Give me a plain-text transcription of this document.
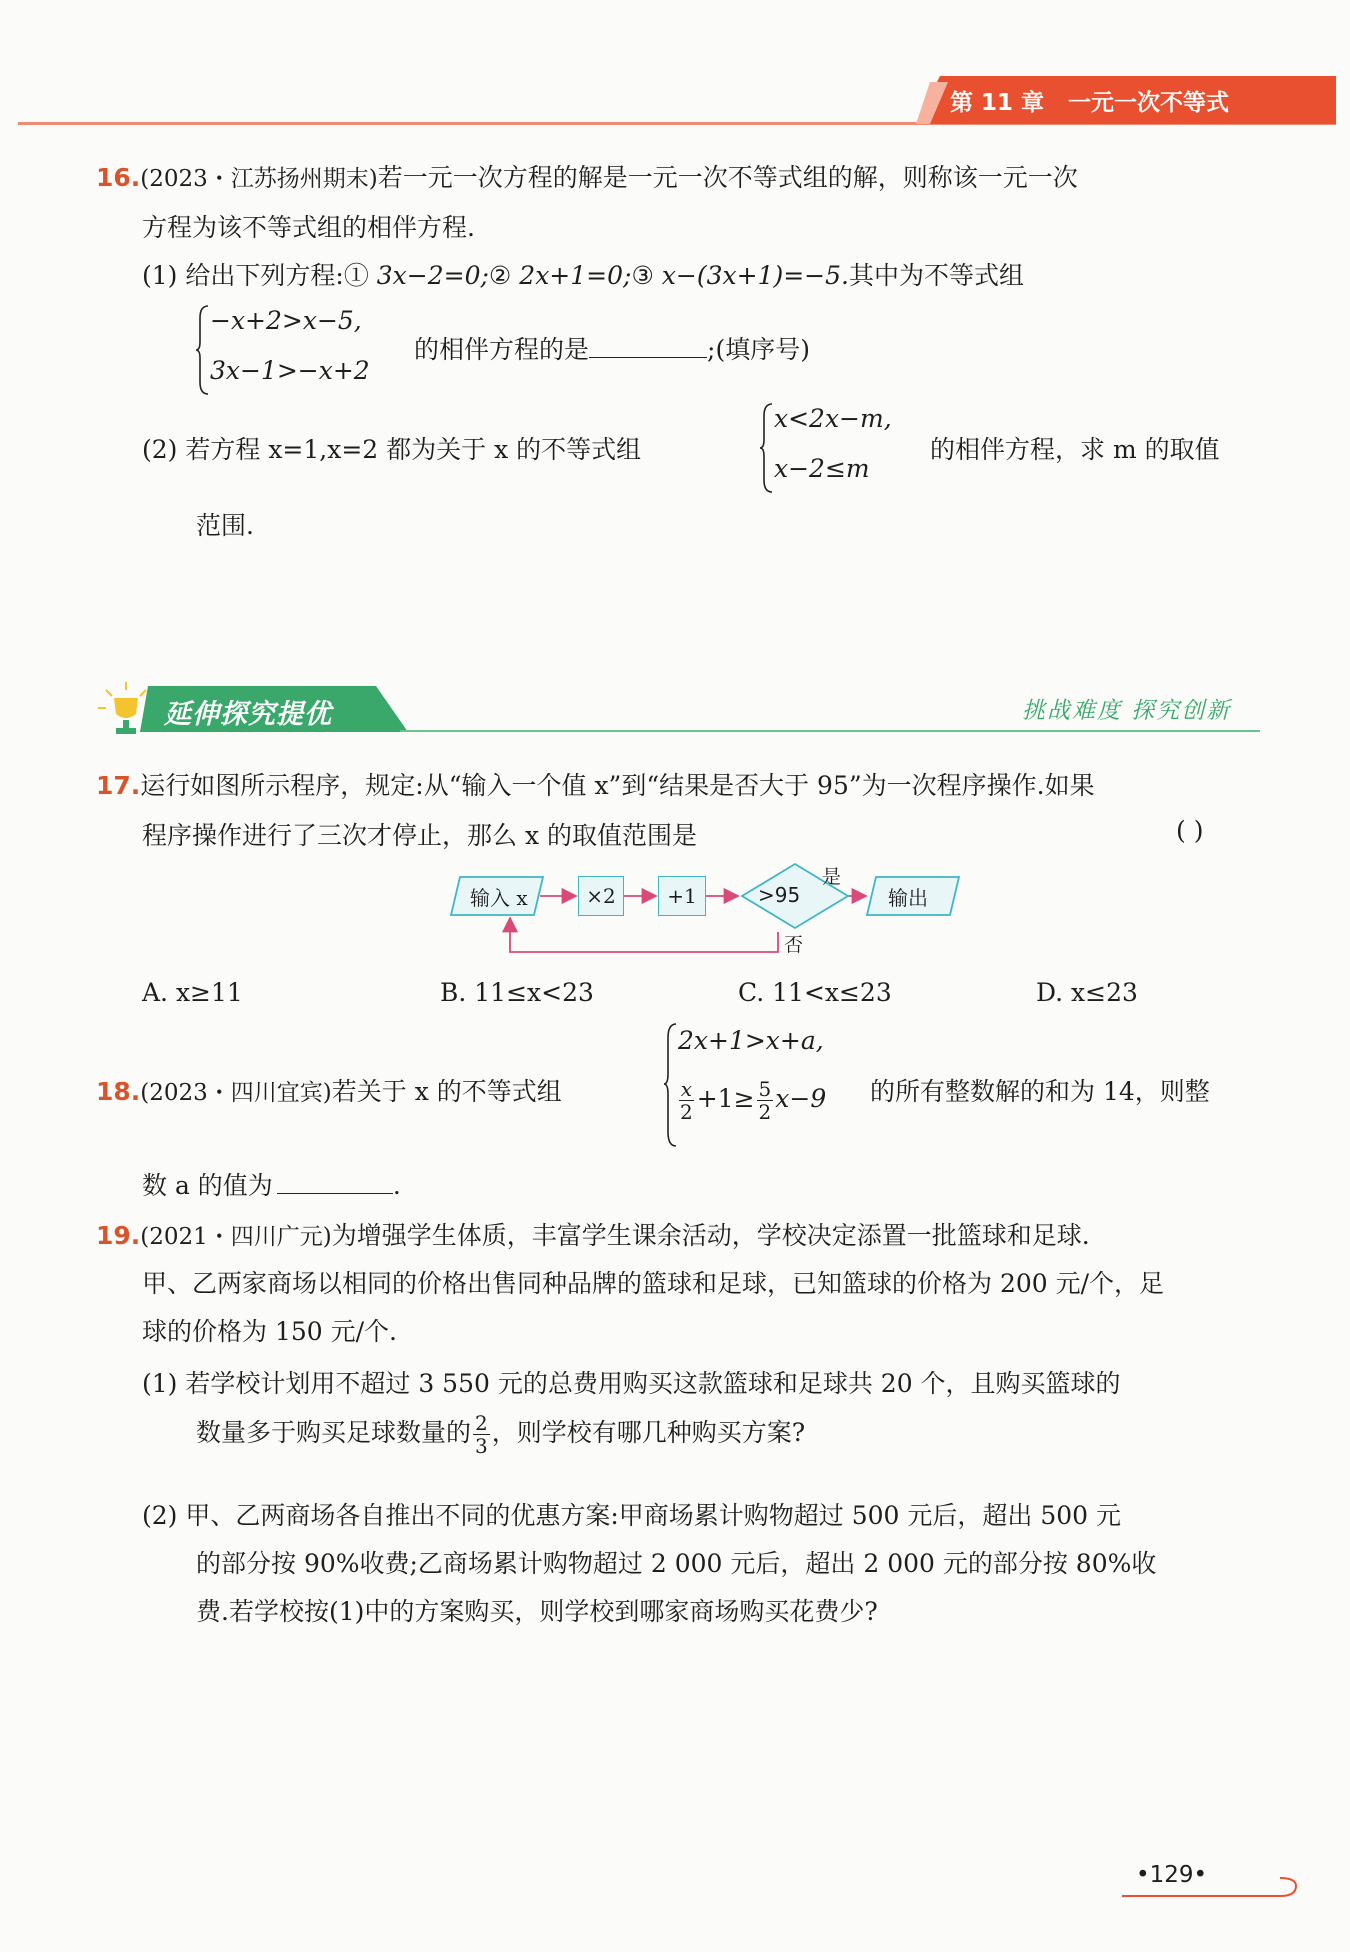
第 11 章 一元一次不等式
16.(2023・江苏扬州期末)若一元一次方程的解是一元一次不等式组的解，则称该一元一次
方程为该不等式组的相伴方程.
(1) 给出下列方程:① 3x−2=0;② 2x+1=0;③ x−(3x+1)=−5.其中为不等式组
−x+2>x−5,
3x−1>−x+2
的相伴方程的是	;(填序号)
(2) 若方程 x=1,x=2 都为关于 x 的不等式组
x<2x−m,
x−2≤m
的相伴方程，求 m 的取值
范围.
延伸探究提优	挑战难度 探究创新
17.运行如图所示程序，规定:从“输入一个值 x”到“结果是否大于 95”为一次程序操作.如果
程序操作进行了三次才停止，那么 x 的取值范围是	( )
输入 x	×2	+1	>95
是
否
输出
A. x≥11	B. 11≤x<23	C. 11<x≤23	D. x≤23
18.(2023・四川宜宾)若关于 x 的不等式组
2x+1>x+a,
$\frac{x}{2} +1\ge \frac{5}{2} x-9$ 的所有整数解的和为 14，则整
数 a 的值为	.
19.(2021・四川广元)为增强学生体质，丰富学生课余活动，学校决定添置一批篮球和足球.
甲、乙两家商场以相同的价格出售同种品牌的篮球和足球，已知篮球的价格为 200 元/个，足
球的价格为 150 元/个.
(1) 若学校计划用不超过 3 550 元的总费用购买这款篮球和足球共 20 个，且购买篮球的
数量多于购买足球数量的 $\frac{2}{3}$ ，则学校有哪几种购买方案?
(2) 甲、乙两商场各自推出不同的优惠方案:甲商场累计购物超过 500 元后，超出 500 元
的部分按 90%收费;乙商场累计购物超过 2 000 元后，超出 2 000 元的部分按 80%收
费.若学校按(1)中的方案购买，则学校到哪家商场购买花费少?
•129•
